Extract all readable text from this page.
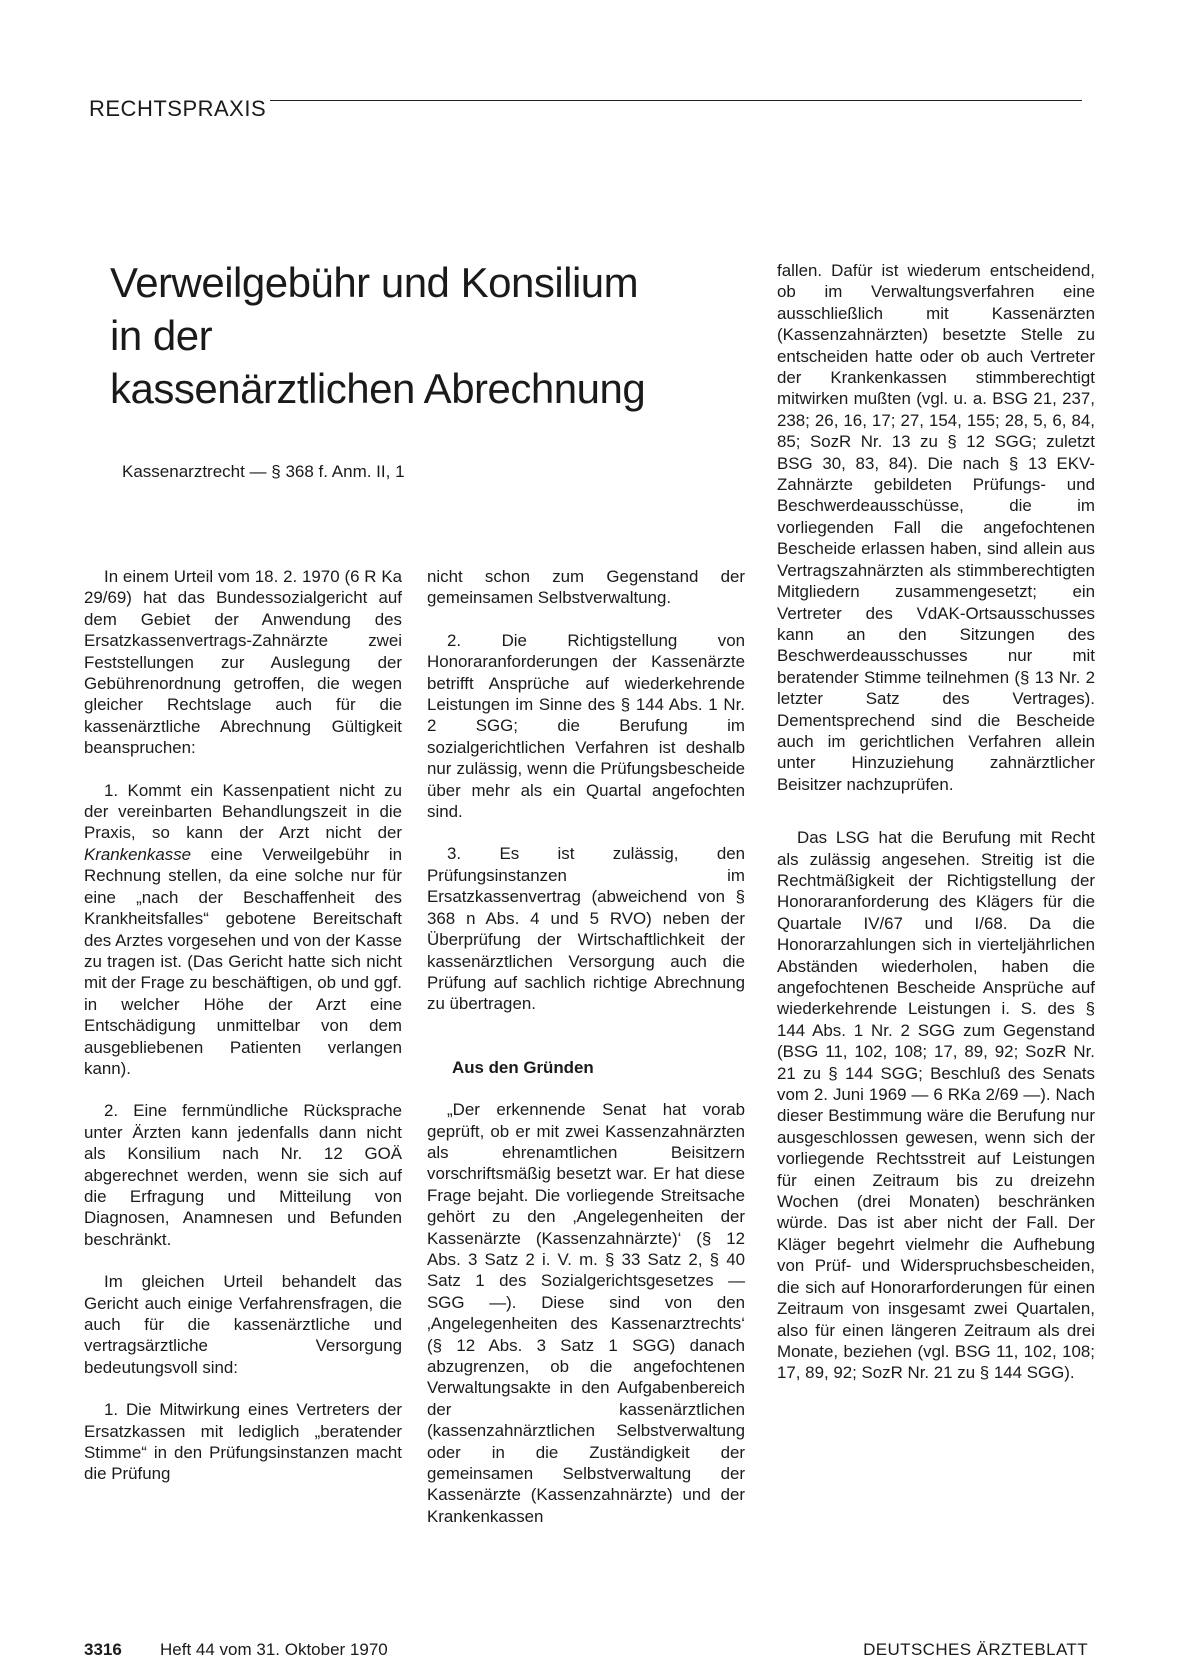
RECHTSPRAXIS
Verweilgebühr und Konsilium
in der
kassenärztlichen Abrechnung
Kassenarztrecht — § 368 f. Anm. II, 1

In einem Urteil vom 18. 2. 1970 (6 R Ka 29/69) hat das Bundessozialgericht auf dem Gebiet der Anwendung des Ersatzkassenvertrags-Zahnärzte zwei Feststellungen zur Auslegung der Gebührenordnung getroffen, die wegen gleicher Rechtslage auch für die kassenärztliche Abrechnung Gültigkeit beanspruchen:

1. Kommt ein Kassenpatient nicht zu der vereinbarten Behandlungszeit in die Praxis, so kann der Arzt nicht der Krankenkasse eine Verweilgebühr in Rechnung stellen, da eine solche nur für eine „nach der Beschaffenheit des Krankheitsfalles“ gebotene Bereitschaft des Arztes vorgesehen und von der Kasse zu tragen ist. (Das Gericht hatte sich nicht mit der Frage zu beschäftigen, ob und ggf. in welcher Höhe der Arzt eine Entschädigung unmittelbar von dem ausgebliebenen Patienten verlangen kann).

2. Eine fernmündliche Rücksprache unter Ärzten kann jedenfalls dann nicht als Konsilium nach Nr. 12 GOÄ abgerechnet werden, wenn sie sich auf die Erfragung und Mitteilung von Diagnosen, Anamnesen und Befunden beschränkt.

Im gleichen Urteil behandelt das Gericht auch einige Verfahrensfragen, die auch für die kassenärztliche und vertragsärztliche Versorgung bedeutungsvoll sind:

1. Die Mitwirkung eines Vertreters der Ersatzkassen mit lediglich „beratender Stimme“ in den Prüfungsinstanzen macht die Prüfung

nicht schon zum Gegenstand der gemeinsamen Selbstverwaltung.

2. Die Richtigstellung von Honoraranforderungen der Kassenärzte betrifft Ansprüche auf wiederkehrende Leistungen im Sinne des § 144 Abs. 1 Nr. 2 SGG; die Berufung im sozialgerichtlichen Verfahren ist deshalb nur zulässig, wenn die Prüfungsbescheide über mehr als ein Quartal angefochten sind.

3. Es ist zulässig, den Prüfungsinstanzen im Ersatzkassenvertrag (abweichend von § 368 n Abs. 4 und 5 RVO) neben der Überprüfung der Wirtschaftlichkeit der kassenärztlichen Versorgung auch die Prüfung auf sachlich richtige Abrechnung zu übertragen.

Aus den Gründen

„Der erkennende Senat hat vorab geprüft, ob er mit zwei Kassenzahnärzten als ehrenamtlichen Beisitzern vorschriftsmäßig besetzt war. Er hat diese Frage bejaht. Die vorliegende Streitsache gehört zu den ‚Angelegenheiten der Kassenärzte (Kassenzahnärzte)‘ (§ 12 Abs. 3 Satz 2 i. V. m. § 33 Satz 2, § 40 Satz 1 des Sozialgerichtsgesetzes — SGG —). Diese sind von den ‚Angelegenheiten des Kassenarztrechts‘ (§ 12 Abs. 3 Satz 1 SGG) danach abzugrenzen, ob die angefochtenen Verwaltungsakte in den Aufgabenbereich der kassenärztlichen (kassenzahnärztlichen Selbstverwaltung oder in die Zuständigkeit der gemeinsamen Selbstverwaltung der Kassenärzte (Kassenzahnärzte) und der Krankenkassen

fallen. Dafür ist wiederum entscheidend, ob im Verwaltungsverfahren eine ausschließlich mit Kassenärzten (Kassenzahnärzten) besetzte Stelle zu entscheiden hatte oder ob auch Vertreter der Krankenkassen stimmberechtigt mitwirken mußten (vgl. u. a. BSG 21, 237, 238; 26, 16, 17; 27, 154, 155; 28, 5, 6, 84, 85; SozR Nr. 13 zu § 12 SGG; zuletzt BSG 30, 83, 84). Die nach § 13 EKV-Zahnärzte gebildeten Prüfungs- und Beschwerdeausschüsse, die im vorliegenden Fall die angefochtenen Bescheide erlassen haben, sind allein aus Vertragszahnärzten als stimmberechtigten Mitgliedern zusammengesetzt; ein Vertreter des VdAK-Ortsausschusses kann an den Sitzungen des Beschwerdeausschusses nur mit beratender Stimme teilnehmen (§ 13 Nr. 2 letzter Satz des Vertrages). Dementsprechend sind die Bescheide auch im gerichtlichen Verfahren allein unter Hinzuziehung zahnärztlicher Beisitzer nachzuprüfen.

Das LSG hat die Berufung mit Recht als zulässig angesehen. Streitig ist die Rechtmäßigkeit der Richtigstellung der Honoraranforderung des Klägers für die Quartale IV/67 und I/68. Da die Honorarzahlungen sich in vierteljährlichen Abständen wiederholen, haben die angefochtenen Bescheide Ansprüche auf wiederkehrende Leistungen i. S. des § 144 Abs. 1 Nr. 2 SGG zum Gegenstand (BSG 11, 102, 108; 17, 89, 92; SozR Nr. 21 zu § 144 SGG; Beschluß des Senats vom 2. Juni 1969 — 6 RKa 2/69 —). Nach dieser Bestimmung wäre die Berufung nur ausgeschlossen gewesen, wenn sich der vorliegende Rechtsstreit auf Leistungen für einen Zeitraum bis zu dreizehn Wochen (drei Monaten) beschränken würde. Das ist aber nicht der Fall. Der Kläger begehrt vielmehr die Aufhebung von Prüf- und Widerspruchsbescheiden, die sich auf Honorarforderungen für einen Zeitraum von insgesamt zwei Quartalen, also für einen längeren Zeitraum als drei Monate, beziehen (vgl. BSG 11, 102, 108; 17, 89, 92; SozR Nr. 21 zu § 144 SGG).

3316 Heft 44 vom 31. Oktober 1970	DEUTSCHES ÄRZTEBLATT
